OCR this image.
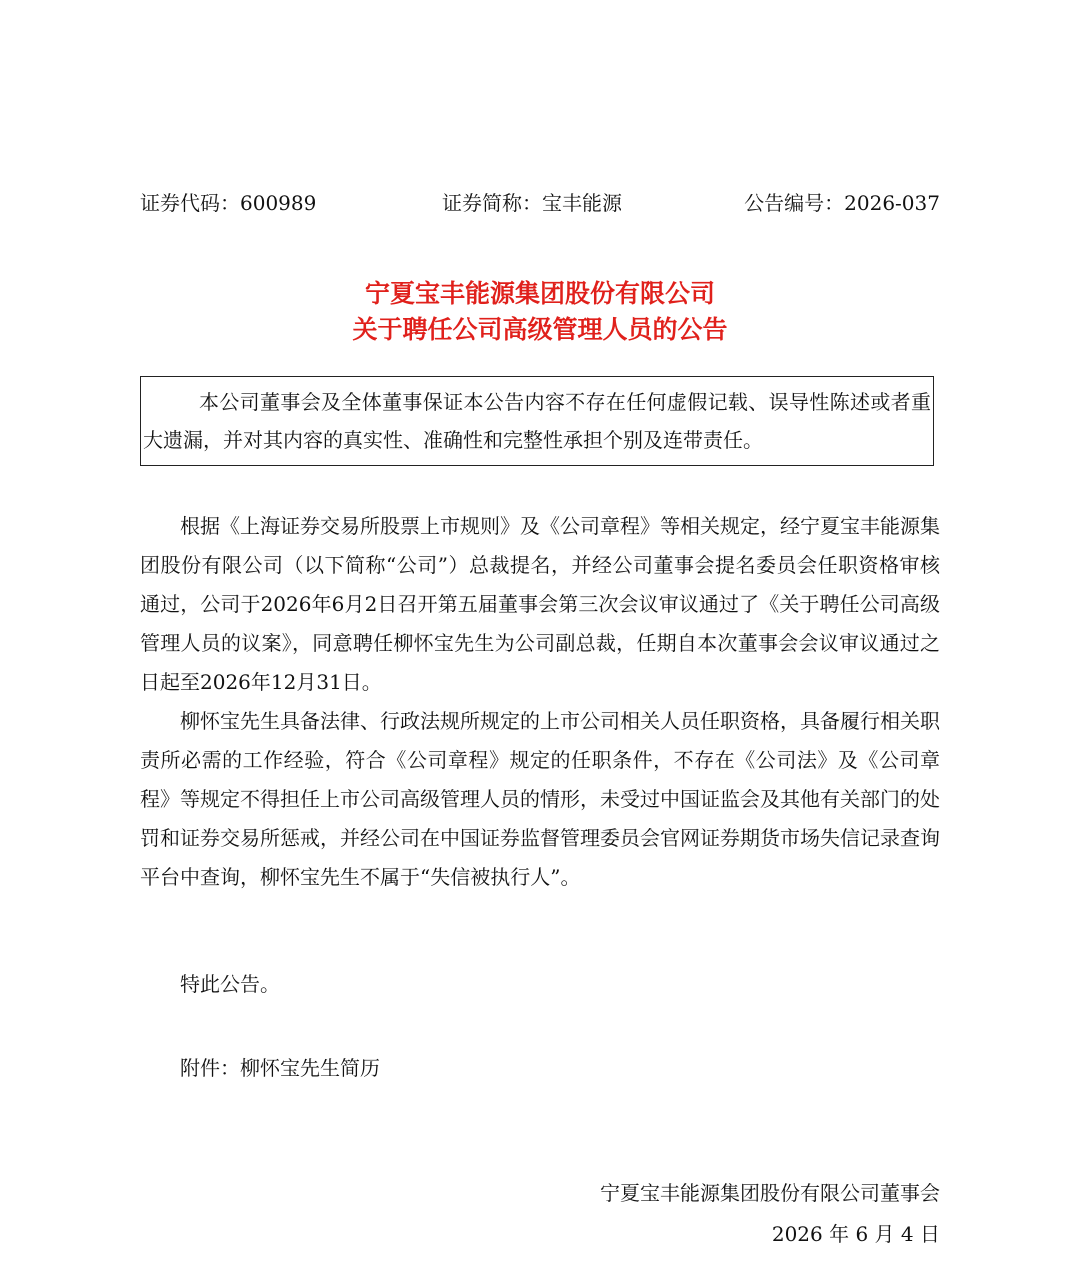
证券代码：600989	证券简称：宝丰能源	公告编号：2026-037
宁夏宝丰能源集团股份有限公司
关于聘任公司高级管理人员的公告

本公司董事会及全体董事保证本公告内容不存在任何虚假记载、误导性陈述或者重大遗漏，并对其内容的真实性、准确性和完整性承担个别及连带责任。

根据《上海证券交易所股票上市规则》及《公司章程》等相关规定，经宁夏宝丰能源集团股份有限公司（以下简称“公司”）总裁提名，并经公司董事会提名委员会任职资格审核通过，公司于2026年6月2日召开第五届董事会第三次会议审议通过了《关于聘任公司高级管理人员的议案》，同意聘任柳怀宝先生为公司副总裁，任期自本次董事会会议审议通过之日起至2026年12月31日。

柳怀宝先生具备法律、行政法规所规定的上市公司相关人员任职资格，具备履行相关职责所必需的工作经验，符合《公司章程》规定的任职条件，不存在《公司法》及《公司章程》等规定不得担任上市公司高级管理人员的情形，未受过中国证监会及其他有关部门的处罚和证券交易所惩戒，并经公司在中国证券监督管理委员会官网证券期货市场失信记录查询平台中查询，柳怀宝先生不属于“失信被执行人”。

特此公告。
附件：柳怀宝先生简历
宁夏宝丰能源集团股份有限公司董事会
2026 年 6 月 4 日
